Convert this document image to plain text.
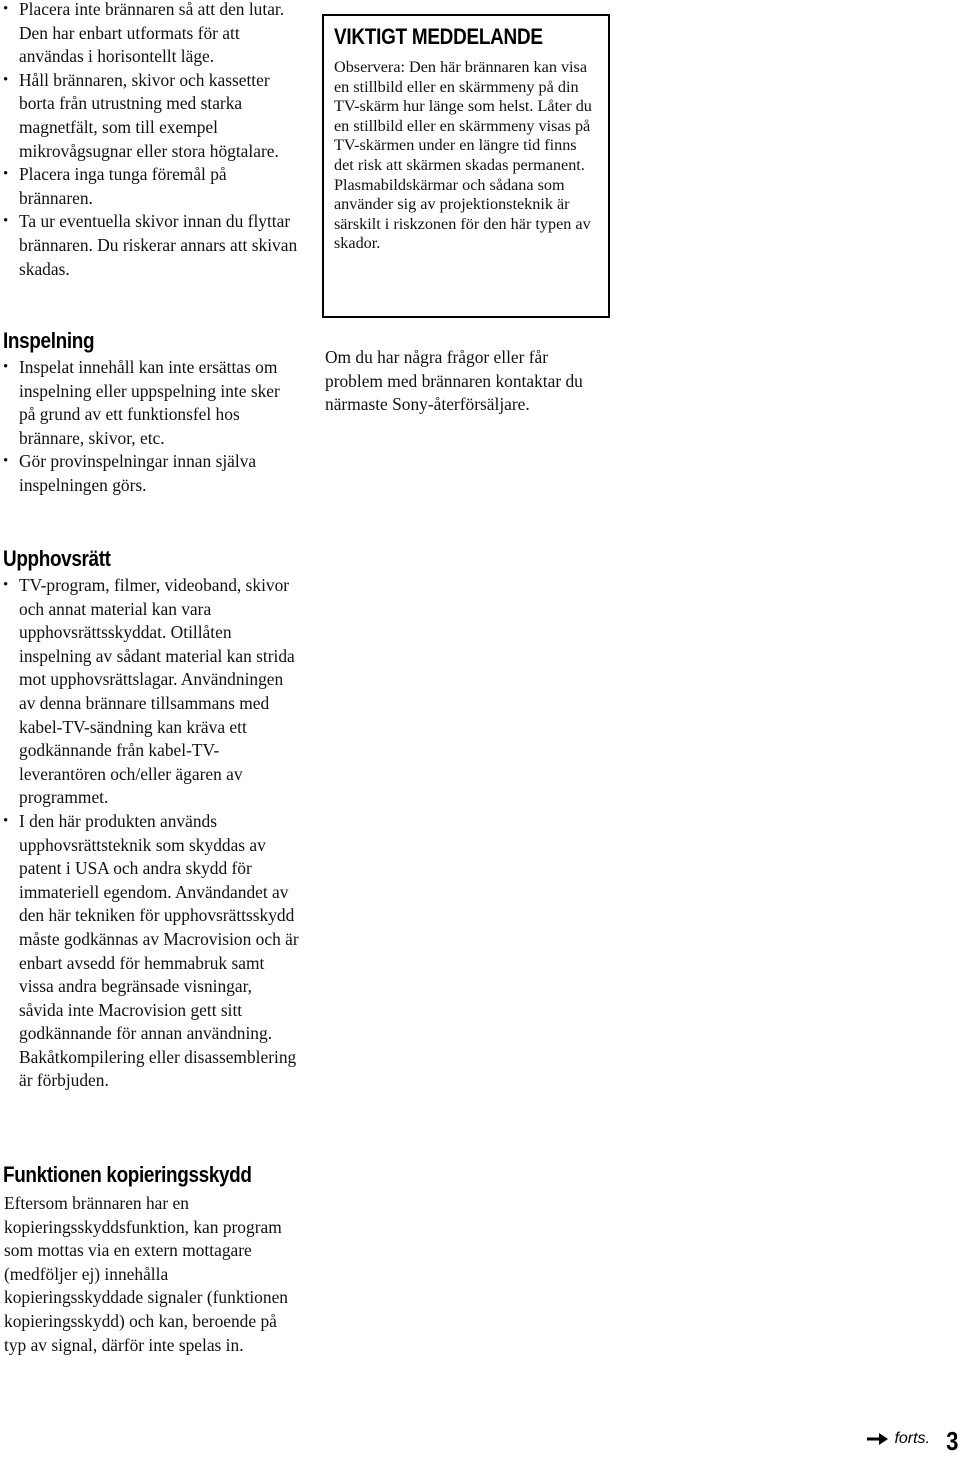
• Placera inte brännaren så att den lutar. Den har enbart utformats för att användas i horisontellt läge.
• Håll brännaren, skivor och kassetter borta från utrustning med starka magnetfält, som till exempel mikrovågsugnar eller stora högtalare.
• Placera inga tunga föremål på brännaren.
• Ta ur eventuella skivor innan du flyttar brännaren. Du riskerar annars att skivan skadas.
Inspelning
• Inspelat innehåll kan inte ersättas om inspelning eller uppspelning inte sker på grund av ett funktionsfel hos brännare, skivor, etc.
• Gör provinspelningar innan själva inspelningen görs.
Upphovsrätt
• TV-program, filmer, videoband, skivor och annat material kan vara upphovsrättsskyddat. Otillåten inspelning av sådant material kan strida mot upphovsrättslagar. Användningen av denna brännare tillsammans med kabel-TV-sändning kan kräva ett godkännande från kabel-TV-leverantören och/eller ägaren av programmet.
• I den här produkten används upphovsrättsteknik som skyddas av patent i USA och andra skydd för immateriell egendom. Användandet av den här tekniken för upphovsrättsskydd måste godkännas av Macrovision och är enbart avsedd för hemmabruk samt vissa andra begränsade visningar, såvida inte Macrovision gett sitt godkännande för annan användning. Bakåtkompilering eller disassemblering är förbjuden.
Funktionen kopieringsskydd

Eftersom brännaren har en kopieringsskyddsfunktion, kan program som mottas via en extern mottagare (medföljer ej) innehålla kopieringsskyddade signaler (funktionen kopieringsskydd) och kan, beroende på typ av signal, därför inte spelas in.

VIKTIGT MEDDELANDE

Observera: Den här brännaren kan visa en stillbild eller en skärmmeny på din TV-skärm hur länge som helst. Låter du en stillbild eller en skärmmeny visas på TV-skärmen under en längre tid finns det risk att skärmen skadas permanent. Plasmabildskärmar och sådana som använder sig av projektionsteknik är särskilt i riskzonen för den här typen av skador.

Om du har några frågor eller får problem med brännaren kontaktar du närmaste Sony-återförsäljare.

forts. 3
